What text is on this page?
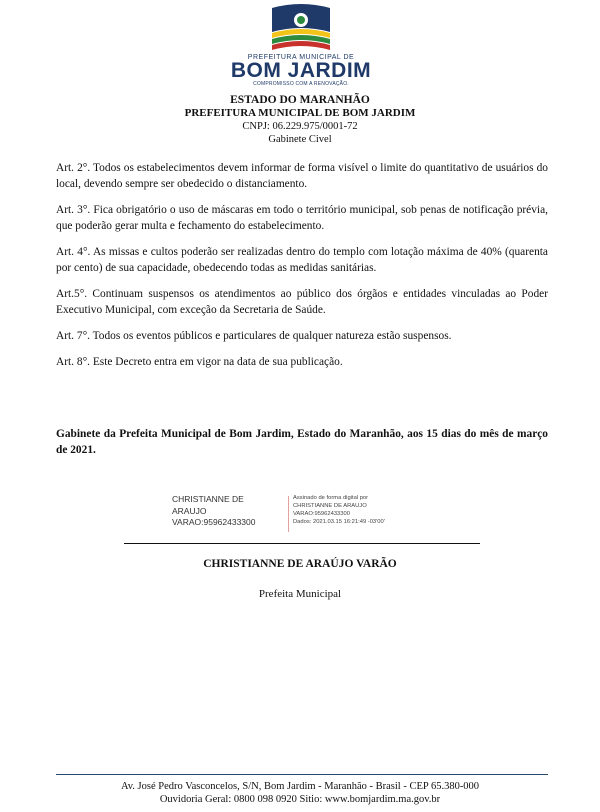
PREFEITURA MUNICIPAL DE
BOM JARDIM
COMPROMISSO COM A RENOVAÇÃO.
ESTADO DO MARANHÃO
PREFEITURA MUNICIPAL DE BOM JARDIM
CNPJ: 06.229.975/0001-72
Gabinete Civel

Art. 2°. Todos os estabelecimentos devem informar de forma visível o limite do quantitativo de usuários do local, devendo sempre ser obedecido o distanciamento.

Art. 3°. Fica obrigatório o uso de máscaras em todo o território municipal, sob penas de notificação prévia, que poderão gerar multa e fechamento do estabelecimento.

Art. 4°. As missas e cultos poderão ser realizadas dentro do templo com lotação máxima de 40% (quarenta por cento) de sua capacidade, obedecendo todas as medidas sanitárias.

Art.5°. Continuam suspensos os atendimentos ao público dos órgãos e entidades vinculadas ao Poder Executivo Municipal, com exceção da Secretaria de Saúde.

Art. 7°. Todos os eventos públicos e particulares de qualquer natureza estão suspensos.

Art. 8°. Este Decreto entra em vigor na data de sua publicação.

Gabinete da Prefeita Municipal de Bom Jardim, Estado do Maranhão, aos 15 dias do mês de março de 2021.
CHRISTIANNE DE
ARAUJO
VARAO:95962433300
Assinado de forma digital por
CHRISTIANNE DE ARAUJO
VARAO:95962433300
Dados: 2021.03.15 16:21:49 -03'00'
CHRISTIANNE DE ARAÚJO VARÃO
Prefeita Municipal
Av. José Pedro Vasconcelos, S/N, Bom Jardim - Maranhão - Brasil - CEP 65.380-000
Ouvidoria Geral: 0800 098 0920 Sitio: www.bomjardim.ma.gov.br
